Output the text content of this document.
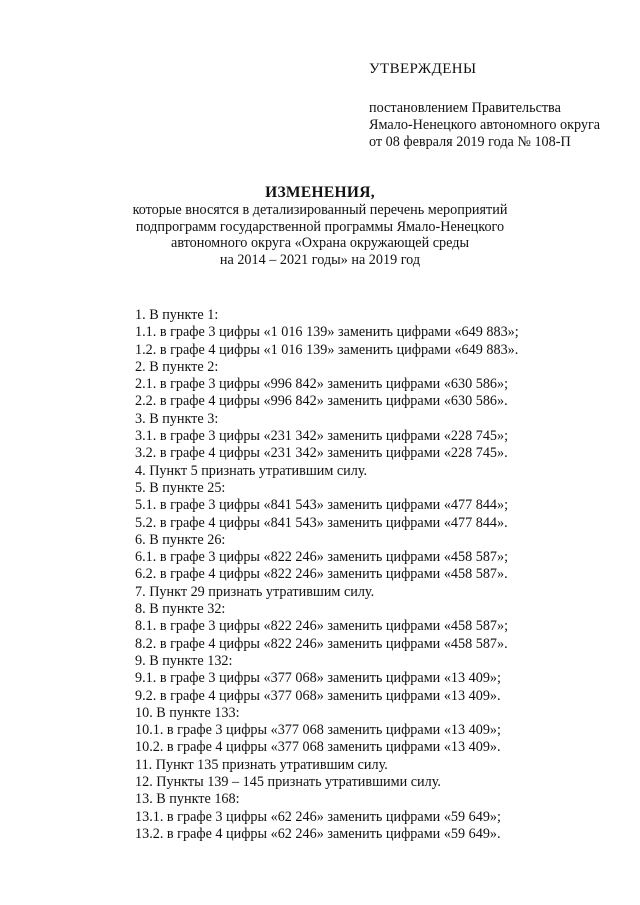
УТВЕРЖДЕНЫ
постановлением Правительства
Ямало-Ненецкого автономного округа
от 08 февраля 2019 года № 108-П
ИЗМЕНЕНИЯ,
которые вносятся в детализированный перечень мероприятий
подпрограмм государственной программы Ямало-Ненецкого
автономного округа «Охрана окружающей среды
на 2014 – 2021 годы» на 2019 год
1. В пункте 1:
1.1. в графе 3 цифры «1 016 139» заменить цифрами «649 883»;
1.2. в графе 4 цифры «1 016 139» заменить цифрами «649 883».
2. В пункте 2:
2.1. в графе 3 цифры «996 842» заменить цифрами «630 586»;
2.2. в графе 4 цифры «996 842» заменить цифрами «630 586».
3. В пункте 3:
3.1. в графе 3 цифры «231 342» заменить цифрами «228 745»;
3.2. в графе 4 цифры «231 342» заменить цифрами «228 745».
4. Пункт 5 признать утратившим силу.
5. В пункте 25:
5.1. в графе 3 цифры «841 543» заменить цифрами «477 844»;
5.2. в графе 4 цифры «841 543» заменить цифрами «477 844».
6. В пункте 26:
6.1. в графе 3 цифры «822 246» заменить цифрами «458 587»;
6.2. в графе 4 цифры «822 246» заменить цифрами «458 587».
7. Пункт 29 признать утратившим силу.
8. В пункте 32:
8.1. в графе 3 цифры «822 246» заменить цифрами «458 587»;
8.2. в графе 4 цифры «822 246» заменить цифрами «458 587».
9. В пункте 132:
9.1. в графе 3 цифры «377 068» заменить цифрами «13 409»;
9.2. в графе 4 цифры «377 068» заменить цифрами «13 409».
10. В пункте 133:
10.1. в графе 3 цифры «377 068 заменить цифрами «13 409»;
10.2. в графе 4 цифры «377 068 заменить цифрами «13 409».
11. Пункт 135 признать утратившим силу.
12. Пункты 139 – 145 признать утратившими силу.
13. В пункте 168:
13.1. в графе 3 цифры «62 246» заменить цифрами «59 649»;
13.2. в графе 4 цифры «62 246» заменить цифрами «59 649».
